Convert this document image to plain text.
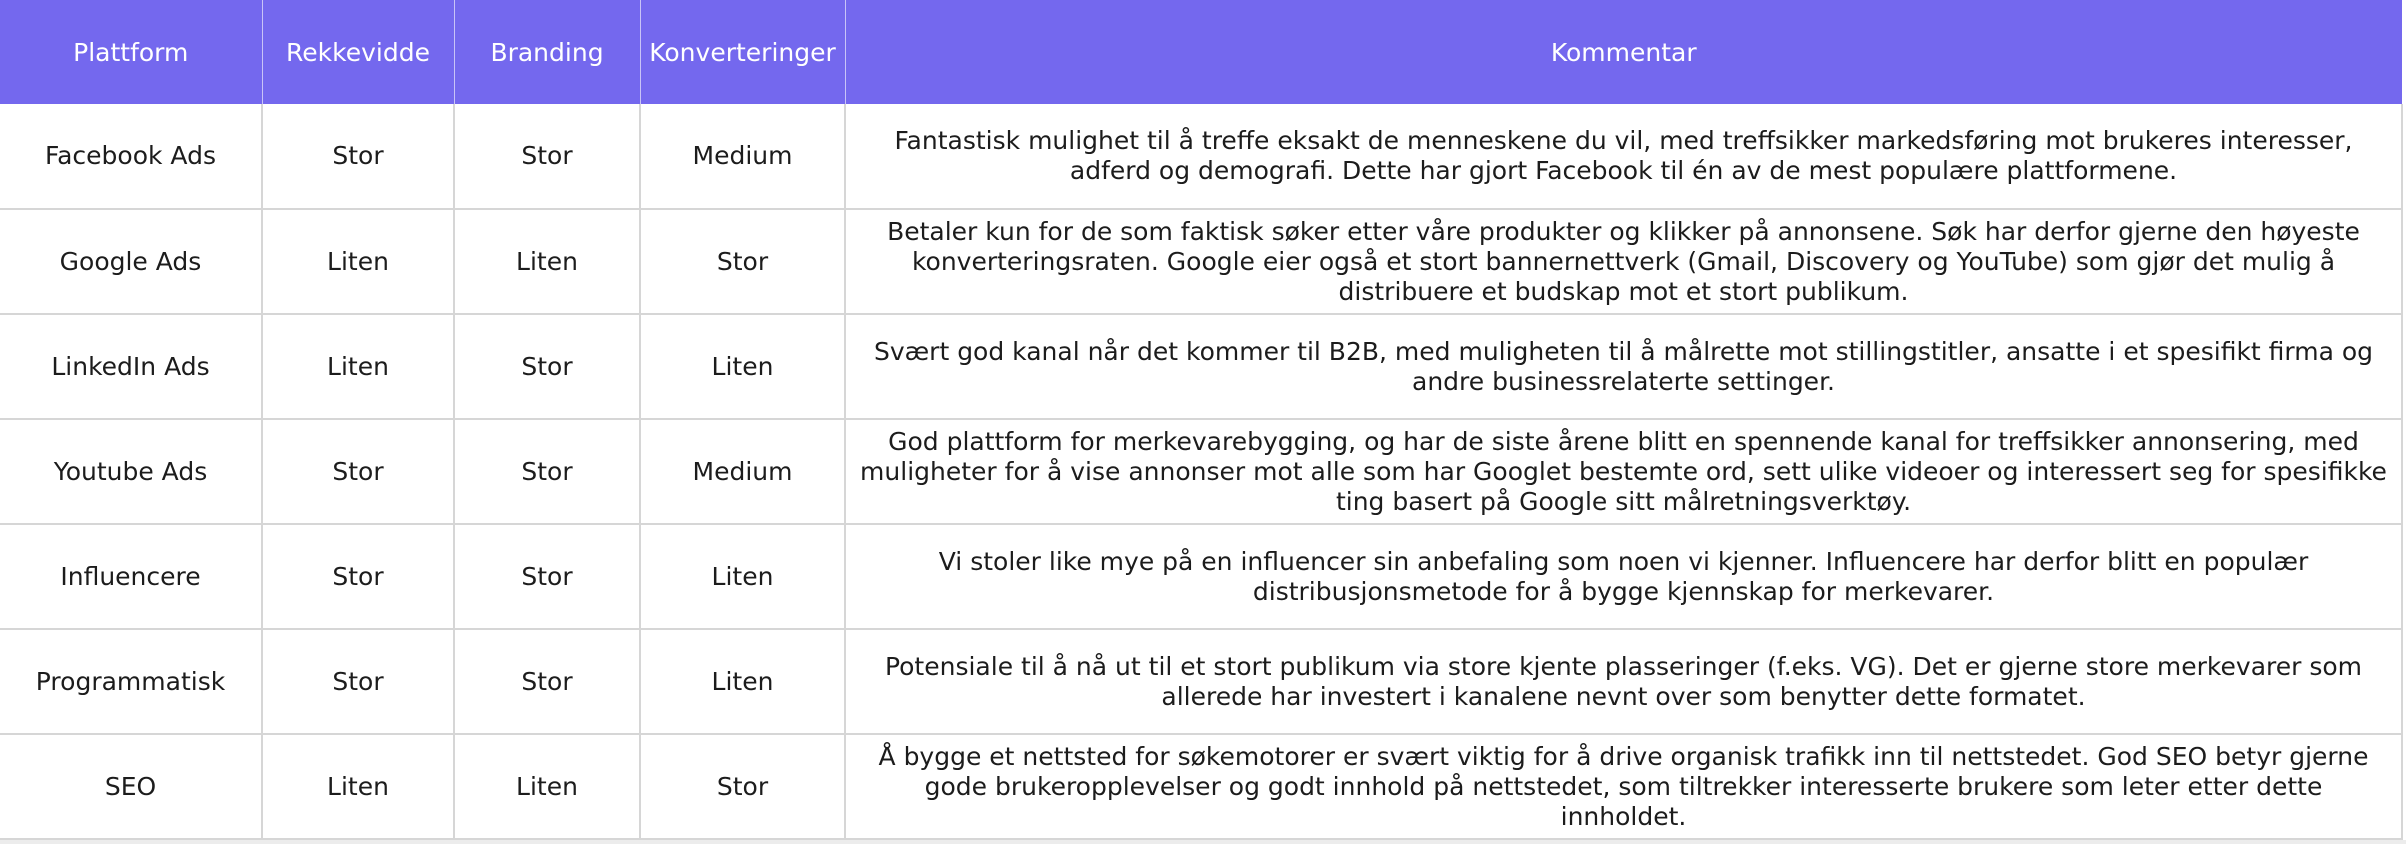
Plattform	Rekkevidde	Branding	Konverteringer	Kommentar
Facebook Ads	Stor	Stor	Medium	Fantastisk mulighet til å treffe eksakt de menneskene du vil, med treffsikker markedsføring mot brukeres interesser, adferd og demografi. Dette har gjort Facebook til én av de mest populære plattformene.
Google Ads	Liten	Liten	Stor	Betaler kun for de som faktisk søker etter våre produkter og klikker på annonsene. Søk har derfor gjerne den høyeste konverteringsraten. Google eier også et stort bannernettverk (Gmail, Discovery og YouTube) som gjør det mulig å distribuere et budskap mot et stort publikum.
LinkedIn Ads	Liten	Stor	Liten	Svært god kanal når det kommer til B2B, med muligheten til å målrette mot stillingstitler, ansatte i et spesifikt firma og andre businessrelaterte settinger.
Youtube Ads	Stor	Stor	Medium	God plattform for merkevarebygging, og har de siste årene blitt en spennende kanal for treffsikker annonsering, med muligheter for å vise annonser mot alle som har Googlet bestemte ord, sett ulike videoer og interessert seg for spesifikke ting basert på Google sitt målretningsverktøy.
Influencere	Stor	Stor	Liten	Vi stoler like mye på en influencer sin anbefaling som noen vi kjenner. Influencere har derfor blitt en populær distribusjonsmetode for å bygge kjennskap for merkevarer.
Programmatisk	Stor	Stor	Liten	Potensiale til å nå ut til et stort publikum via store kjente plasseringer (f.eks. VG). Det er gjerne store merkevarer som allerede har investert i kanalene nevnt over som benytter dette formatet.
SEO	Liten	Liten	Stor	Å bygge et nettsted for søkemotorer er svært viktig for å drive organisk trafikk inn til nettstedet. God SEO betyr gjerne gode brukeropplevelser og godt innhold på nettstedet, som tiltrekker interesserte brukere som leter etter dette innholdet.
